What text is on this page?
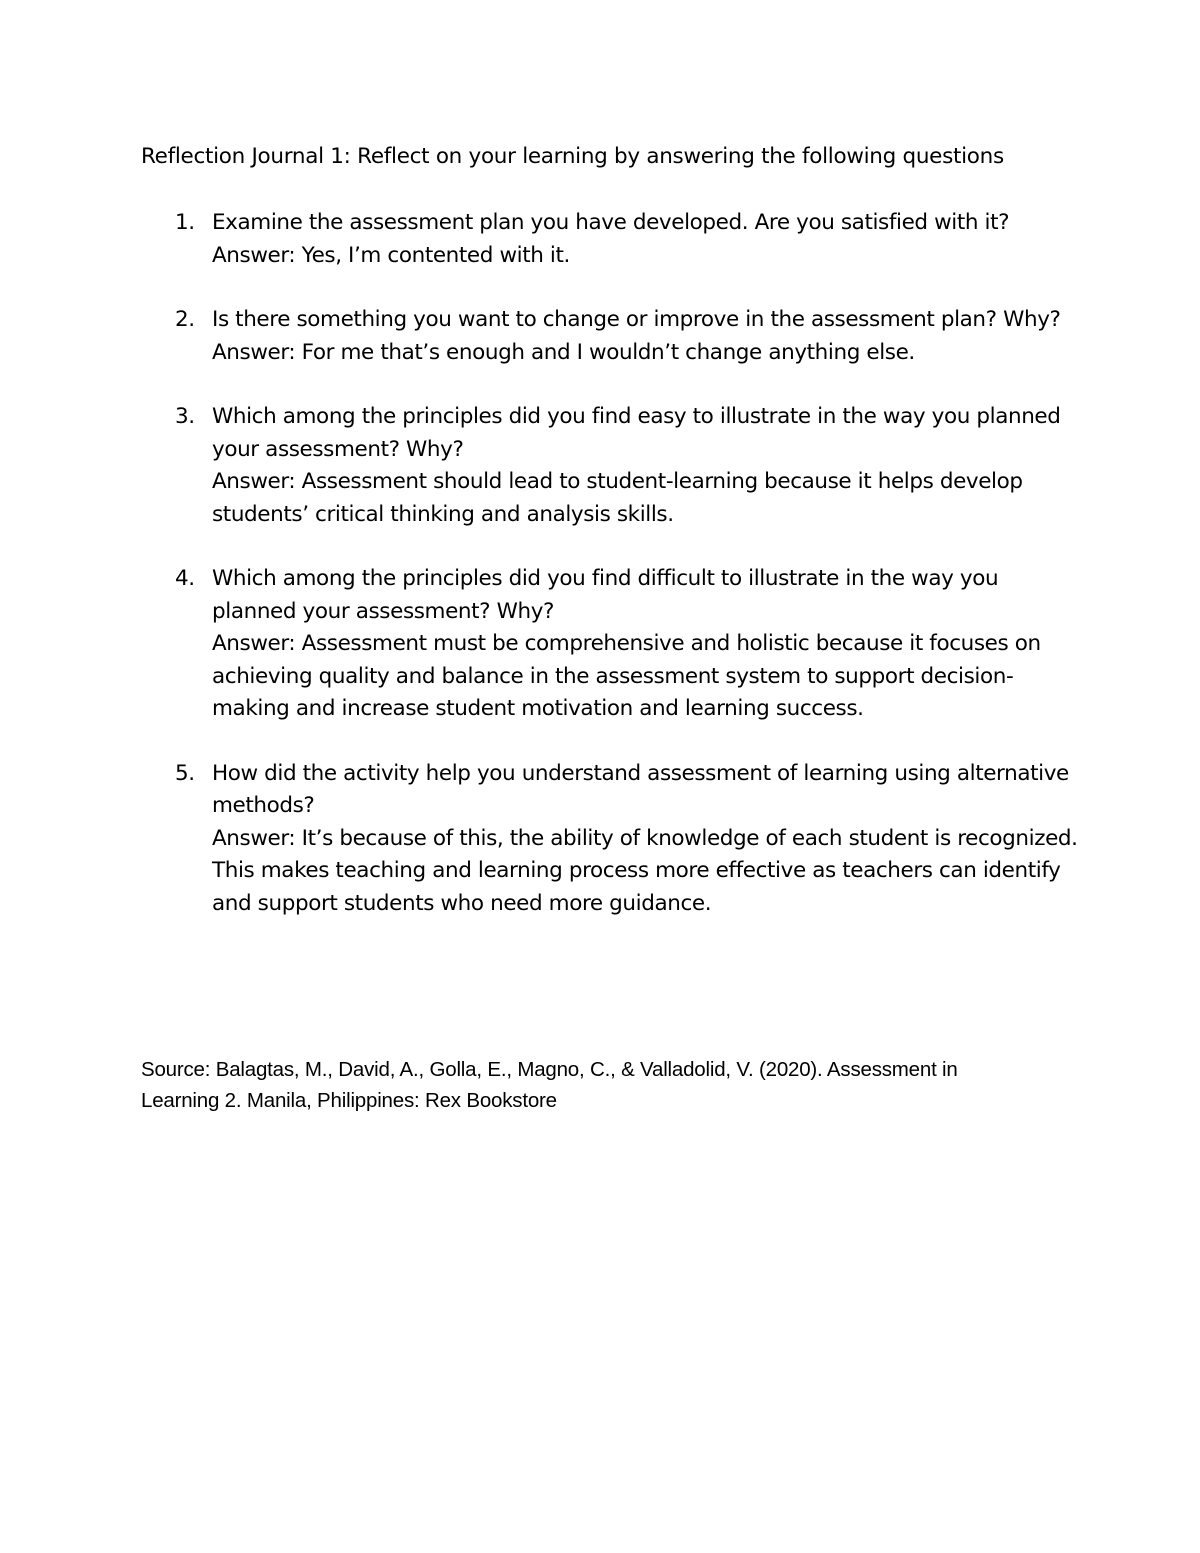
Reflection Journal 1: Reflect on your learning by answering the following questions
1. Examine the assessment plan you have developed. Are you satisfied with it?
Answer: Yes, I’m contented with it.
2. Is there something you want to change or improve in the assessment plan? Why?
Answer: For me that’s enough and I wouldn’t change anything else.
3. Which among the principles did you find easy to illustrate in the way you planned your assessment? Why?
Answer: Assessment should lead to student-learning because it helps develop students’ critical thinking and analysis skills.
4. Which among the principles did you find difficult to illustrate in the way you planned your assessment? Why?
Answer: Assessment must be comprehensive and holistic because it focuses on achieving quality and balance in the assessment system to support decision-making and increase student motivation and learning success.
5. How did the activity help you understand assessment of learning using alternative methods?
Answer: It’s because of this, the ability of knowledge of each student is recognized. This makes teaching and learning process more effective as teachers can identify and support students who need more guidance.
Source: Balagtas, M., David, A., Golla, E., Magno, C., & Valladolid, V. (2020). Assessment in Learning 2. Manila, Philippines: Rex Bookstore
